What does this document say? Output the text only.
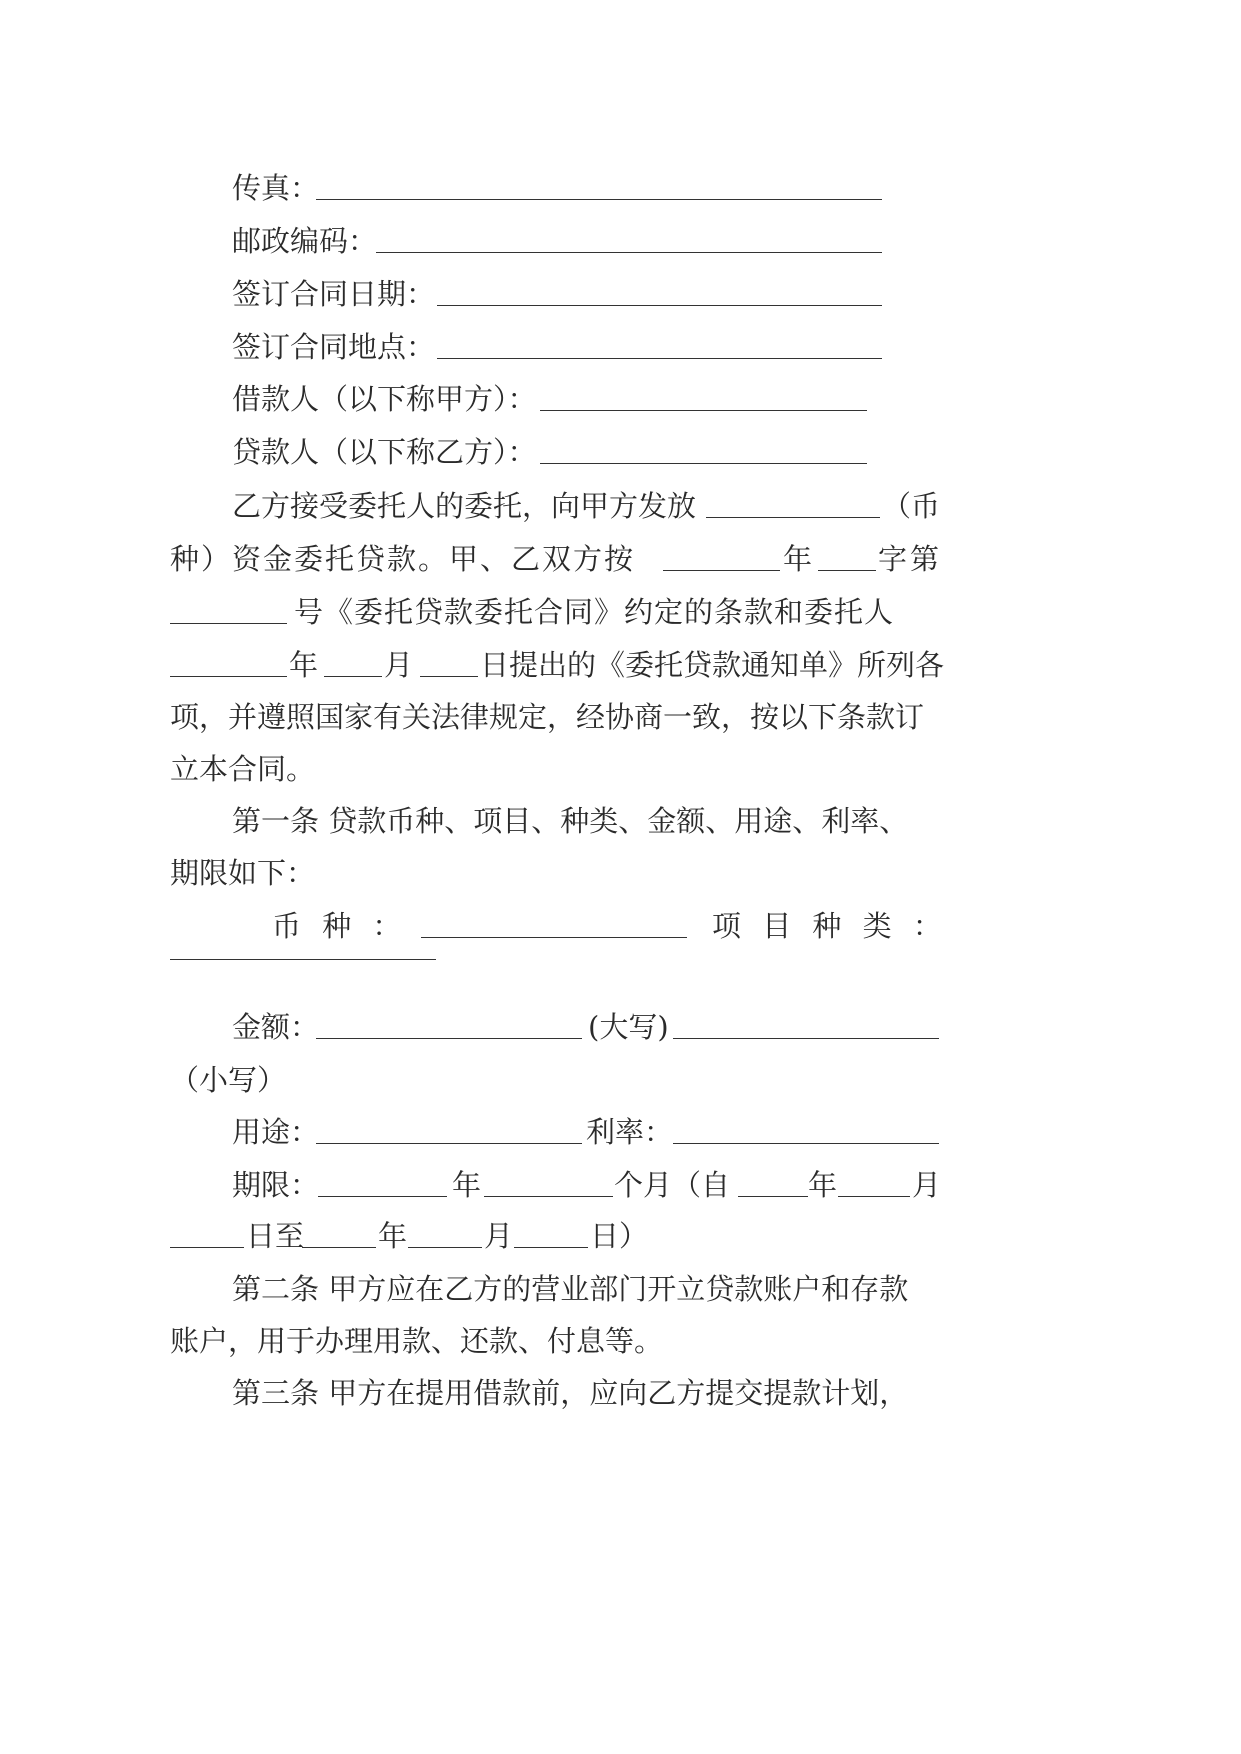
传真：
邮政编码：
签订合同日期：
签订合同地点：
借款人（以下称甲方）：
贷款人（以下称乙方）：
乙方接受委托人的委托，向甲方发放	（币
种）资金委托贷款。甲、乙双方按	年 字第
号《委托贷款委托合同》约定的条款和委托人
年 月 日提出的《委托贷款通知单》所列各
项，并遵照国家有关法律规定，经协商一致，按以下条款订
立本合同。
第一条 贷款币种、项目、种类、金额、用途、利率、
期限如下：
币 种 ：	项 目 种 类 ：
金额：	(大写)
（小写）
用途：	利率：
期限：	年	个月（自	年	月
日至	年	月	日）
第二条 甲方应在乙方的营业部门开立贷款账户和存款
账户，用于办理用款、还款、付息等。
第三条 甲方在提用借款前，应向乙方提交提款计划，
